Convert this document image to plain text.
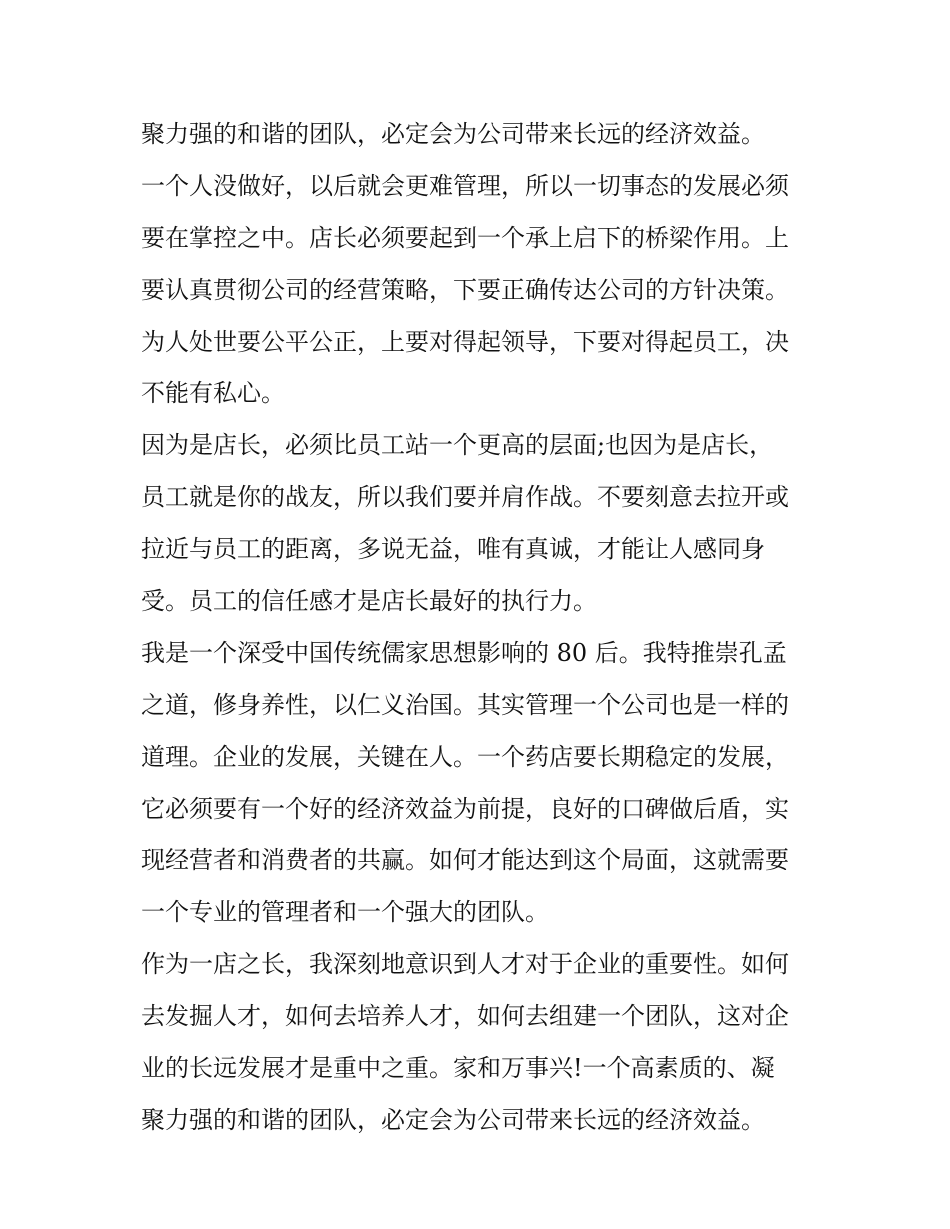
聚力强的和谐的团队，必定会为公司带来长远的经济效益。
一个人没做好，以后就会更难管理，所以一切事态的发展必须
要在掌控之中。店长必须要起到一个承上启下的桥梁作用。上
要认真贯彻公司的经营策略，下要正确传达公司的方针决策。
为人处世要公平公正，上要对得起领导，下要对得起员工，决
不能有私心。
因为是店长，必须比员工站一个更高的层面;也因为是店长，
员工就是你的战友，所以我们要并肩作战。不要刻意去拉开或
拉近与员工的距离，多说无益，唯有真诚，才能让人感同身
受。员工的信任感才是店长最好的执行力。
我是一个深受中国传统儒家思想影响的 80 后。我特推崇孔孟
之道，修身养性，以仁义治国。其实管理一个公司也是一样的
道理。企业的发展，关键在人。一个药店要长期稳定的发展，
它必须要有一个好的经济效益为前提，良好的口碑做后盾，实
现经营者和消费者的共赢。如何才能达到这个局面，这就需要
一个专业的管理者和一个强大的团队。
作为一店之长，我深刻地意识到人才对于企业的重要性。如何
去发掘人才，如何去培养人才，如何去组建一个团队，这对企
业的长远发展才是重中之重。家和万事兴!一个高素质的、凝
聚力强的和谐的团队，必定会为公司带来长远的经济效益。
